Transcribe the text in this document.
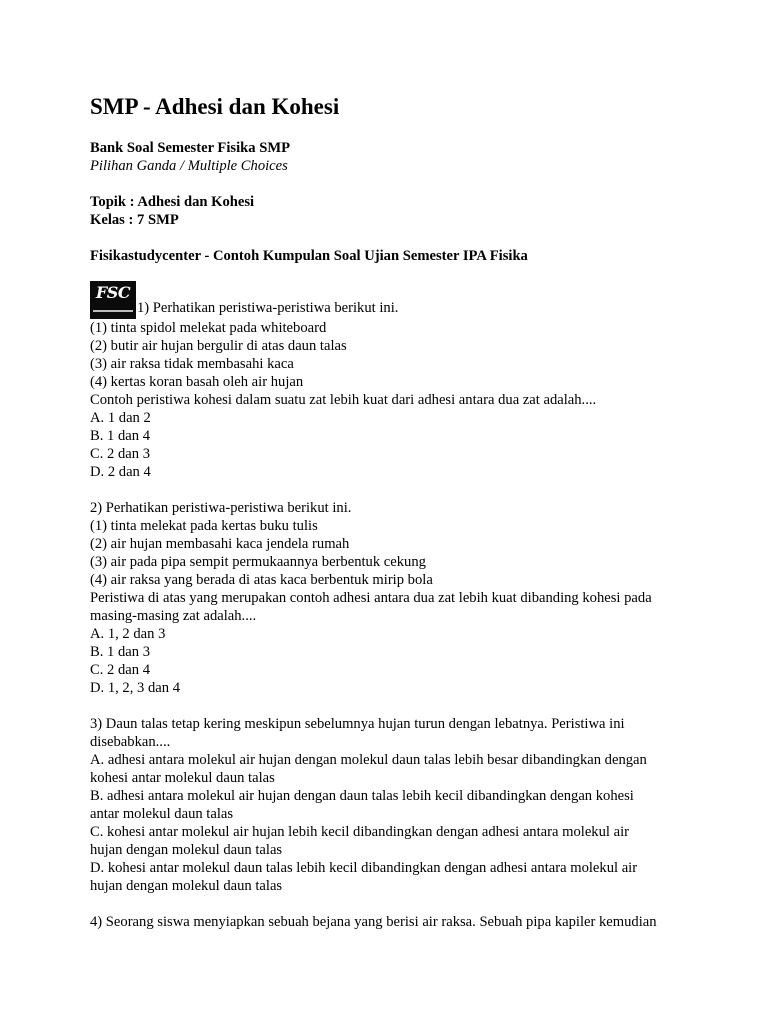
SMP - Adhesi dan Kohesi
Bank Soal Semester Fisika SMP
Pilihan Ganda / Multiple Choices
Topik : Adhesi dan Kohesi
Kelas : 7 SMP
Fisikastudycenter - Contoh Kumpulan Soal Ujian Semester IPA Fisika
FSC
1) Perhatikan peristiwa-peristiwa berikut ini.
(1) tinta spidol melekat pada whiteboard
(2) butir air hujan bergulir di atas daun talas
(3) air raksa tidak membasahi kaca
(4) kertas koran basah oleh air hujan
Contoh peristiwa kohesi dalam suatu zat lebih kuat dari adhesi antara dua zat adalah....
A. 1 dan 2
B. 1 dan 4
C. 2 dan 3
D. 2 dan 4
2) Perhatikan peristiwa-peristiwa berikut ini.
(1) tinta melekat pada kertas buku tulis
(2) air hujan membasahi kaca jendela rumah
(3) air pada pipa sempit permukaannya berbentuk cekung
(4) air raksa yang berada di atas kaca berbentuk mirip bola
Peristiwa di atas yang merupakan contoh adhesi antara dua zat lebih kuat dibanding kohesi pada
masing-masing zat adalah....
A. 1, 2 dan 3
B. 1 dan 3
C. 2 dan 4
D. 1, 2, 3 dan 4
3) Daun talas tetap kering meskipun sebelumnya hujan turun dengan lebatnya. Peristiwa ini
disebabkan....
A. adhesi antara molekul air hujan dengan molekul daun talas lebih besar dibandingkan dengan
kohesi antar molekul daun talas
B. adhesi antara molekul air hujan dengan daun talas lebih kecil dibandingkan dengan kohesi
antar molekul daun talas
C. kohesi antar molekul air hujan lebih kecil dibandingkan dengan adhesi antara molekul air
hujan dengan molekul daun talas
D. kohesi antar molekul daun talas lebih kecil dibandingkan dengan adhesi antara molekul air
hujan dengan molekul daun talas
4) Seorang siswa menyiapkan sebuah bejana yang berisi air raksa. Sebuah pipa kapiler kemudian
